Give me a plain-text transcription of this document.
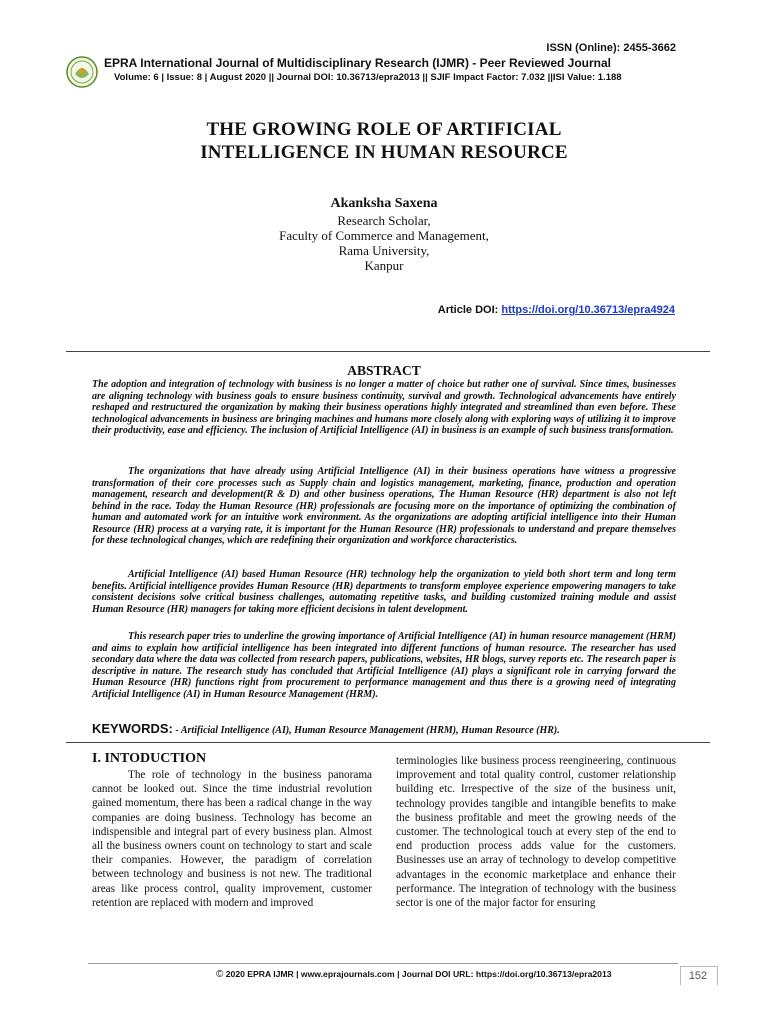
ISSN (Online): 2455-3662
EPRA International Journal of Multidisciplinary Research (IJMR) - Peer Reviewed Journal
Volume: 6 | Issue: 8 | August 2020 || Journal DOI: 10.36713/epra2013 || SJIF Impact Factor: 7.032 ||ISI Value: 1.188
THE GROWING ROLE OF ARTIFICIAL
INTELLIGENCE IN HUMAN RESOURCE
Akanksha Saxena
Research Scholar,
Faculty of Commerce and Management,
Rama University,
Kanpur
Article DOI: https://doi.org/10.36713/epra4924
ABSTRACT
The adoption and integration of technology with business is no longer a matter of choice but rather one of survival. Since times, businesses are aligning technology with business goals to ensure business continuity, survival and growth. Technological advancements have entirely reshaped and restructured the organization by making their business operations highly integrated and streamlined than even before. These technological advancements in business are bringing machines and humans more closely along with exploring ways of utilizing it to improve their productivity, ease and efficiency. The inclusion of Artificial Intelligence (AI) in business is an example of such business transformation.
The organizations that have already using Artificial Intelligence (AI) in their business operations have witness a progressive transformation of their core processes such as Supply chain and logistics management, marketing, finance, production and operation management, research and development(R & D) and other business operations, The Human Resource (HR) department is also not left behind in the race. Today the Human Resource (HR) professionals are focusing more on the importance of optimizing the combination of human and automated work for an intuitive work environment. As the organizations are adopting artificial intelligence into their Human Resource (HR) process at a varying rate, it is important for the Human Resource (HR) professionals to understand and prepare themselves for these technological changes, which are redefining their organization and workforce characteristics.
Artificial Intelligence (AI) based Human Resource (HR) technology help the organization to yield both short term and long term benefits. Artificial intelligence provides Human Resource (HR) departments to transform employee experience empowering managers to take consistent decisions solve critical business challenges, automating repetitive tasks, and building customized training module and assist Human Resource (HR) managers for taking more efficient decisions in talent development.
This research paper tries to underline the growing importance of Artificial Intelligence (AI) in human resource management (HRM) and aims to explain how artificial intelligence has been integrated into different functions of human resource. The researcher has used secondary data where the data was collected from research papers, publications, websites, HR blogs, survey reports etc. The research paper is descriptive in nature. The research study has concluded that Artificial Intelligence (AI) plays a significant role in carrying forward the Human Resource (HR) functions right from procurement to performance management and thus there is a growing need of integrating Artificial Intelligence (AI) in Human Resource Management (HRM).
KEYWORDS: - Artificial Intelligence (AI), Human Resource Management (HRM), Human Resource (HR).
I. INTODUCTION

The role of technology in the business panorama cannot be looked out. Since the time industrial revolution gained momentum, there has been a radical change in the way companies are doing business. Technology has become an indispensible and integral part of every business plan. Almost all the business owners count on technology to start and scale their companies. However, the paradigm of correlation between technology and business is not new. The traditional areas like process control, quality improvement, customer retention are replaced with modern and improved

terminologies like business process reengineering, continuous improvement and total quality control, customer relationship building etc. Irrespective of the size of the business unit, technology provides tangible and intangible benefits to make the business profitable and meet the growing needs of the customer. The technological touch at every step of the end to end production process adds value for the customers. Businesses use an array of technology to develop competitive advantages in the economic marketplace and enhance their performance. The integration of technology with the business sector is one of the major factor for ensuring

© 2020 EPRA IJMR | www.eprajournals.com | Journal DOI URL: https://doi.org/10.36713/epra2013	152
